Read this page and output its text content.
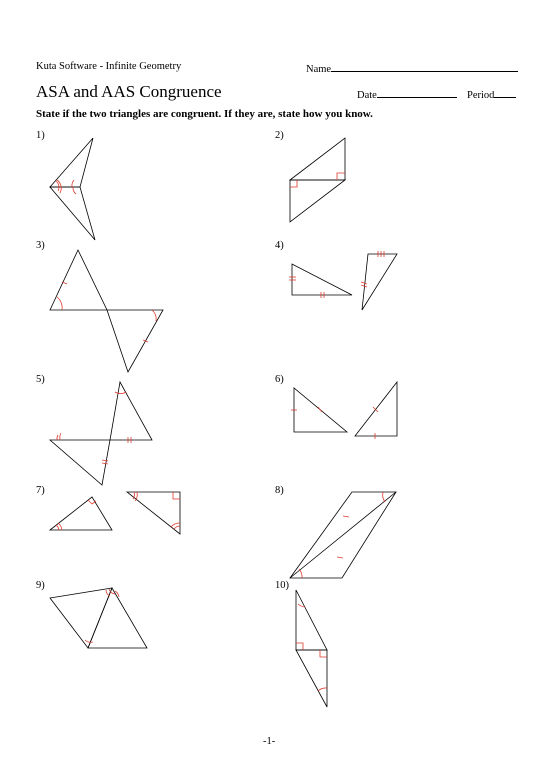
Kuta Software - Infinite Geometry	Name
ASA and AAS Congruence	Date	Period
State if the two triangles are congruent. If they are, state how you know.
1)	2)
3)	4)
5)	6)
7)	8)
9)	10)
-1-
